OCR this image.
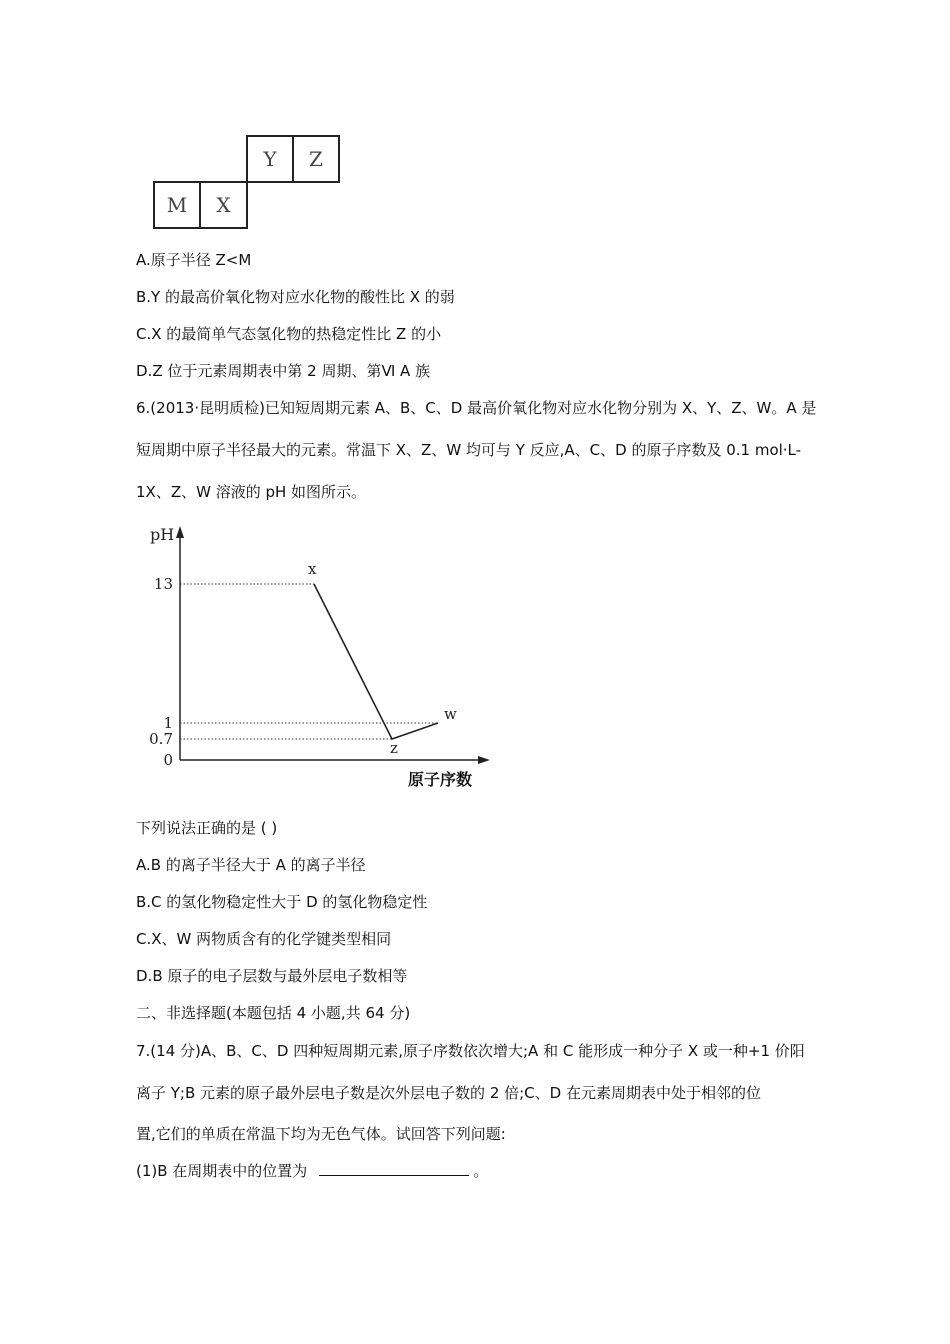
Y	Z
M	X
A.原子半径 Z<M
B.Y 的最高价氧化物对应水化物的酸性比 X 的弱
C.X 的最简单气态氢化物的热稳定性比 Z 的小
D.Z 位于元素周期表中第 2 周期、第Ⅵ A 族
6.(2013·昆明质检)已知短周期元素 A、B、C、D 最高价氧化物对应水化物分别为 X、Y、Z、W。A 是
短周期中原子半径最大的元素。常温下 X、Z、W 均可与 Y 反应,A、C、D 的原子序数及 0.1 mol·L-
1X、Z、W 溶液的 pH 如图所示。
pH
原子序数
13
1
0.7
0
x
z
w
下列说法正确的是 ( )
A.B 的离子半径大于 A 的离子半径
B.C 的氢化物稳定性大于 D 的氢化物稳定性
C.X、W 两物质含有的化学键类型相同
D.B 原子的电子层数与最外层电子数相等
二、非选择题(本题包括 4 小题,共 64 分)
7.(14 分)A、B、C、D 四种短周期元素,原子序数依次增大;A 和 C 能形成一种分子 X 或一种+1 价阳
离子 Y;B 元素的原子最外层电子数是次外层电子数的 2 倍;C、D 在元素周期表中处于相邻的位
置,它们的单质在常温下均为无色气体。试回答下列问题:
(1)B 在周期表中的位置为	。
